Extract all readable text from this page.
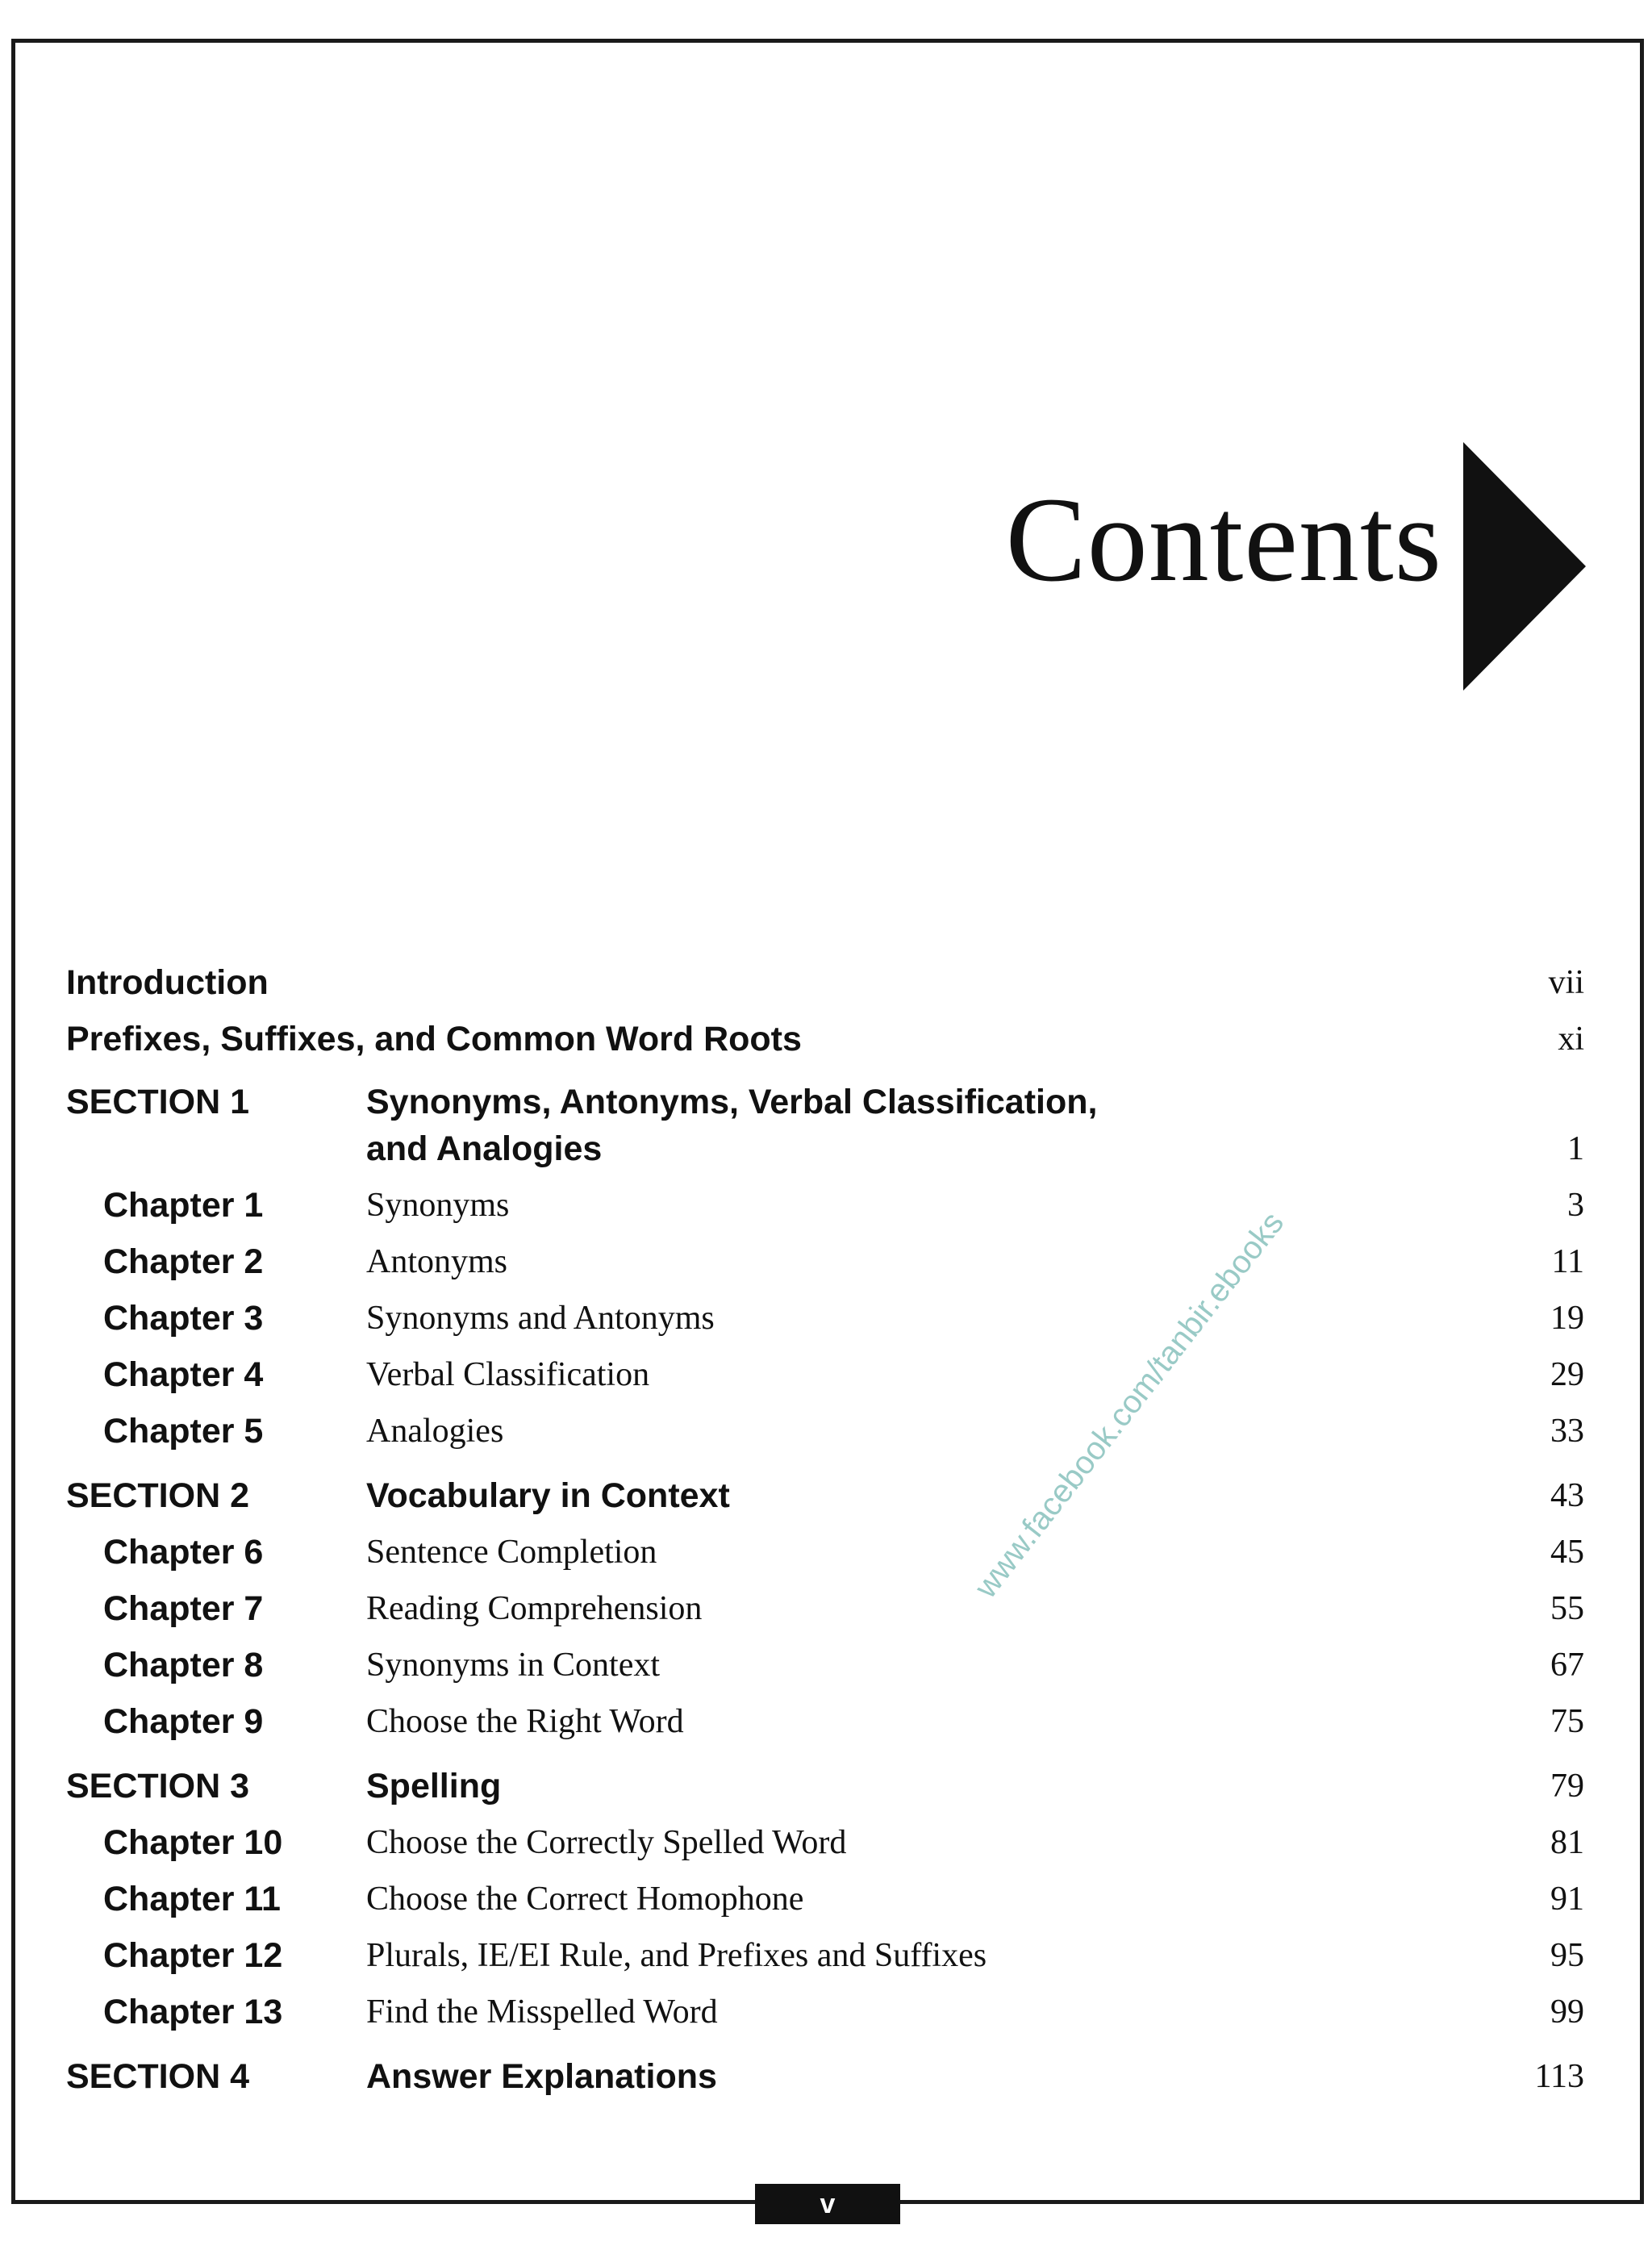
Contents
Introduction	vii
Prefixes, Suffixes, and Common Word Roots	xi
SECTION 1	Synonyms, Antonyms, Verbal Classification,
and Analogies	1
Chapter 1	Synonyms	3
Chapter 2	Antonyms	11
Chapter 3	Synonyms and Antonyms	19
Chapter 4	Verbal Classification	29
Chapter 5	Analogies	33
SECTION 2	Vocabulary in Context	43
Chapter 6	Sentence Completion	45
Chapter 7	Reading Comprehension	55
Chapter 8	Synonyms in Context	67
Chapter 9	Choose the Right Word	75
SECTION 3	Spelling	79
Chapter 10 Choose the Correctly Spelled Word	81
Chapter 11	Choose the Correct Homophone	91
Chapter 12 Plurals, IE/EI Rule, and Prefixes and Suffixes	95
Chapter 13 Find the Misspelled Word	99
SECTION 4	Answer Explanations	113
www.facebook.com/tanbir.ebooks
v
